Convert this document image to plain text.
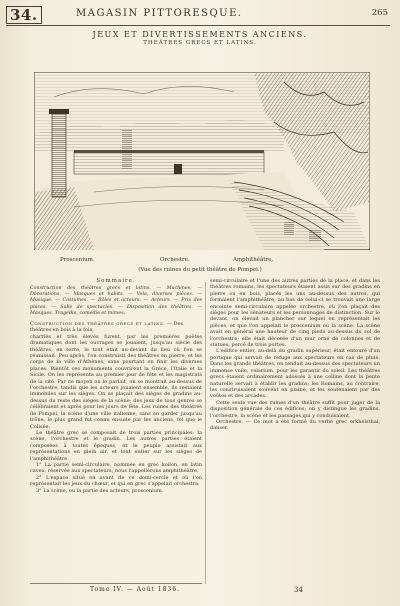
34.	MAGASIN PITTORESQUE.	265
JEUX ET DIVERTISSEMENTS ANCIENS.
THÉÂTRES GRECS ET LATINS.
Proscenium.	Orchestre.	Amphithéâtre.
(Vue des ruines du petit théâtre de Pompei.)

Sommaire.

Construction des théâtres grecs et latins. — Machines. — Décorations. — Masques et habits. — Vela, diverses pièces. — Musique. — Costumes. — Rôles et acteurs. — Acteurs. — Prix des places. — Salle de spectacles. — Disposition des théâtres. — Masques. Tragédie, comédie et mimes.

Construction des théâtres grecs et latins. — Des théâtres en bois à la fois,

charriés et très élevés furent, par les premières poëtes dramatiques dont les ouvrages se jouaient, jusqu'au siècle des théâtres, en terre, le tout était au-devant du lieu où l'on se réunissait. Peu après, l'on construisit des théâtres en pierre, et les corps de la ville d'Athènes, sans pourtant en finir les diverses places. Bientôt ces monuments couvrirent la Grèce, l'Italie et la Sicile. On les représenta au premier jour de fête et les magistrats de la cité. Par ce moyen on le parlait, on se montrait au-dessus de l'orchestre, tandis que les acteurs jouaient ensemble, ils restaient immobiles sur les sièges. On se plaçait des sièges de gradins au-dessus du reste des sièges de la scène; des jeux de tous genres se célébraient et après pour les jours de fête. Les ruines des théâtres de Pompei, la scène d'une ville italienne, sans en garder jusqu'au trône, le plus grand fut connu ensuite par les anciens, tel que le Colisée.

Le théâtre grec se composait de trois parties principales: la scène, l'orchestre et le gradin. Les autres parties étaient composées à toutes époques, et le peuple assistait aux représentations en plein air, et tout entier sur les sièges de l'amphithéâtre.

1° La partie semi-circulaire, nommée en grec koilon, en latin cavea, réservée aux spectateurs; nous l'appellerons amphithéâtre.

2° L'espace situé en avant de ce demi-cercle et où l'on représentait les jeux du chœur, et qui en grec s'appelait orchestra.

3° La scène, ou la partie des acteurs, proscenium.

semi-circulaire et l'une des autres parties de la place, et dans les théâtres romains, les spectateurs étaient assis sur des gradins en pierre ou en bois, placés les uns au-dessus des autres, qui formaient l'amphithéâtre; au bas de celui-ci se trouvait une large enceinte semi-circulaire appelée orchestre, où l'on plaçait des sièges pour les sénateurs et les personnages de distinction. Sur le devant, on élevait un plancher sur lequel on représentait les pièces, et que l'on appelait le proscenium ou la scène. La scène avait en général une hauteur de cinq pieds au-dessus du sol de l'orchestre; elle était décorée d'un mur orné de colonnes et de statues, percé de trois portes.

L'édifice entier, au-delà du gradin supérieur, était entouré d'un portique qui servait de refuge aux spectateurs en cas de pluie. Dans les grands théâtres, on tendait au-dessus des spectateurs un immense voile, velarium, pour les garantir du soleil. Les théâtres grecs étaient ordinairement adossés à une colline dont la pente naturelle servait à établir les gradins; les Romains, au contraire, les construisaient souvent en plaine, et les soutenaient par des voûtes et des arcades.

Cette seule vue des ruines d'un théâtre suffit pour juger de la disposition générale de ces édifices; on y distingue les gradins, l'orchestre, la scène et les passages qui y conduisaient.

Orchestre. — Ce mot a été formé du verbe grec orkheisthai, danser.

Tome IV. — Août 1836.	34
